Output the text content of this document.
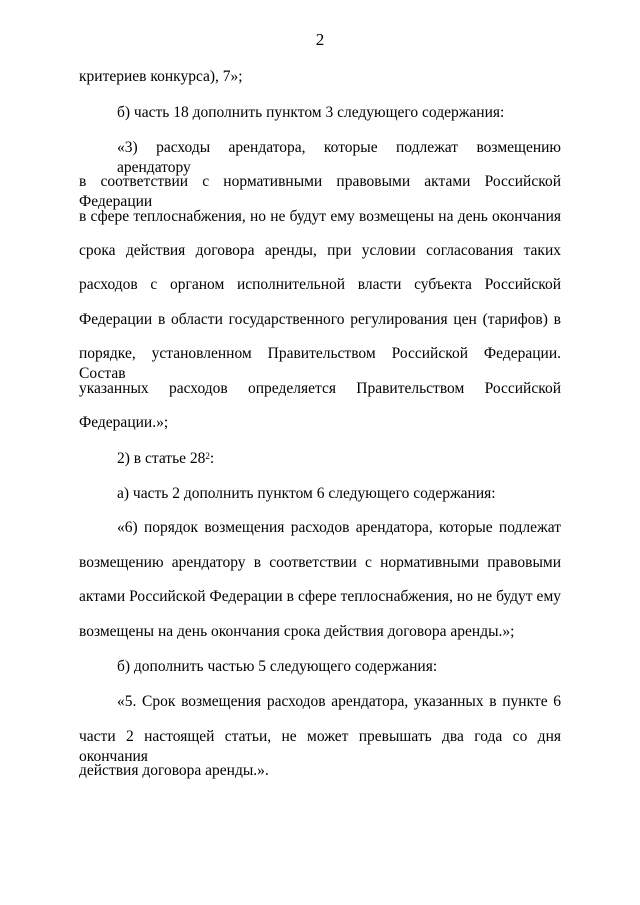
2
критериев конкурса), 7»;
б) часть 18 дополнить пунктом 3 следующего содержания:
«3) расходы арендатора, которые подлежат возмещению арендатору
в соответствии с нормативными правовыми актами Российской Федерации
в сфере теплоснабжения, но не будут ему возмещены на день окончания
срока действия договора аренды, при условии согласования таких
расходов с органом исполнительной власти субъекта Российской
Федерации в области государственного регулирования цен (тарифов) в
порядке, установленном Правительством Российской Федерации. Состав
указанных расходов определяется Правительством Российской
Федерации.»;
2) в статье $28^2$:
а) часть 2 дополнить пунктом 6 следующего содержания:
«6) порядок возмещения расходов арендатора, которые подлежат
возмещению арендатору в соответствии с нормативными правовыми
актами Российской Федерации в сфере теплоснабжения, но не будут ему
возмещены на день окончания срока действия договора аренды.»;
б) дополнить частью 5 следующего содержания:
«5. Срок возмещения расходов арендатора, указанных в пункте 6
части 2 настоящей статьи, не может превышать два года со дня окончания
действия договора аренды.».
